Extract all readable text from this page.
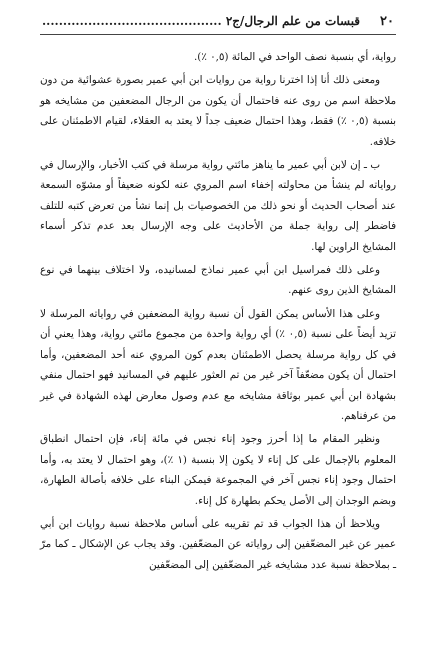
٢٠
قبسات من علم الرجال/ج٢ ...........................................

رواية، أي بنسبة نصف الواحد في المائة (٠,٥ ٪).

ومعنى ذلك أنا إذا اخترنا رواية من روايات ابن أبي عمير بصورة عشوائية من دون ملاحظة اسم من روى عنه فاحتمال أن يكون من الرجال المضعفين من مشايخه هو بنسبة (٠,٥ ٪) فقط، وهذا احتمال ضعيف جداً لا يعتد به العقلاء، لقيام الاطمئنان على خلافه.

ب ـ إن لابن أبي عمير ما يناهز مائتي رواية مرسلة في كتب الأخبار، والإرسال في رواياته لم ينشأ من محاولته إخفاء اسم المروي عنه لكونه ضعيفاً أو مشوّه السمعة عند أصحاب الحديث أو نحو ذلك من الخصوصيات بل إنما نشأ من تعرض كتبه للتلف فاضطر إلى رواية جملة من الأحاديث على وجه الإرسال بعد عدم تذكر أسماء المشايخ الراوين لها.

وعلى ذلك فمراسيل ابن أبي عمير نماذج لمسانيده، ولا اختلاف بينهما في نوع المشايخ الذين روى عنهم.

وعلى هذا الأساس يمكن القول أن نسبة رواية المضعفين في رواياته المرسلة لا تزيد أيضاً على نسبة (٠,٥ ٪) أي رواية واحدة من مجموع مائتي رواية، وهذا يعني أن في كل رواية مرسلة يحصل الاطمئنان بعدم كون المروي عنه أحد المضعفين، وأما احتمال أن يكون مضعّفاً آخر غير من تم العثور عليهم في المسانيد فهو احتمال منفي بشهادة ابن أبي عمير بوثاقة مشايخه مع عدم وصول معارض لهذه الشهادة في غير من عرفناهم.

ونظير المقام ما إذا أحرز وجود إناء نجس في مائة إناء، فإن احتمال انطباق المعلوم بالإجمال على كل إناء لا يكون إلا بنسبة (١ ٪)، وهو احتمال لا يعتد به، وأما احتمال وجود إناء نجس آخر في المجموعة فيمكن البناء على خلافه بأصالة الطهارة، وبضم الوجدان إلى الأصل يحكم بطهارة كل إناء.

ويلاحظ أن هذا الجواب قد تم تقريبه على أساس ملاحظة نسبة روايات ابن أبي عمير عن غير المضعّفين إلى رواياته عن المضعّفين. وقد يجاب عن الإشكال ـ كما مرّ ـ بملاحظة نسبة عدد مشايخه غير المضعّفين إلى المضعّفين
